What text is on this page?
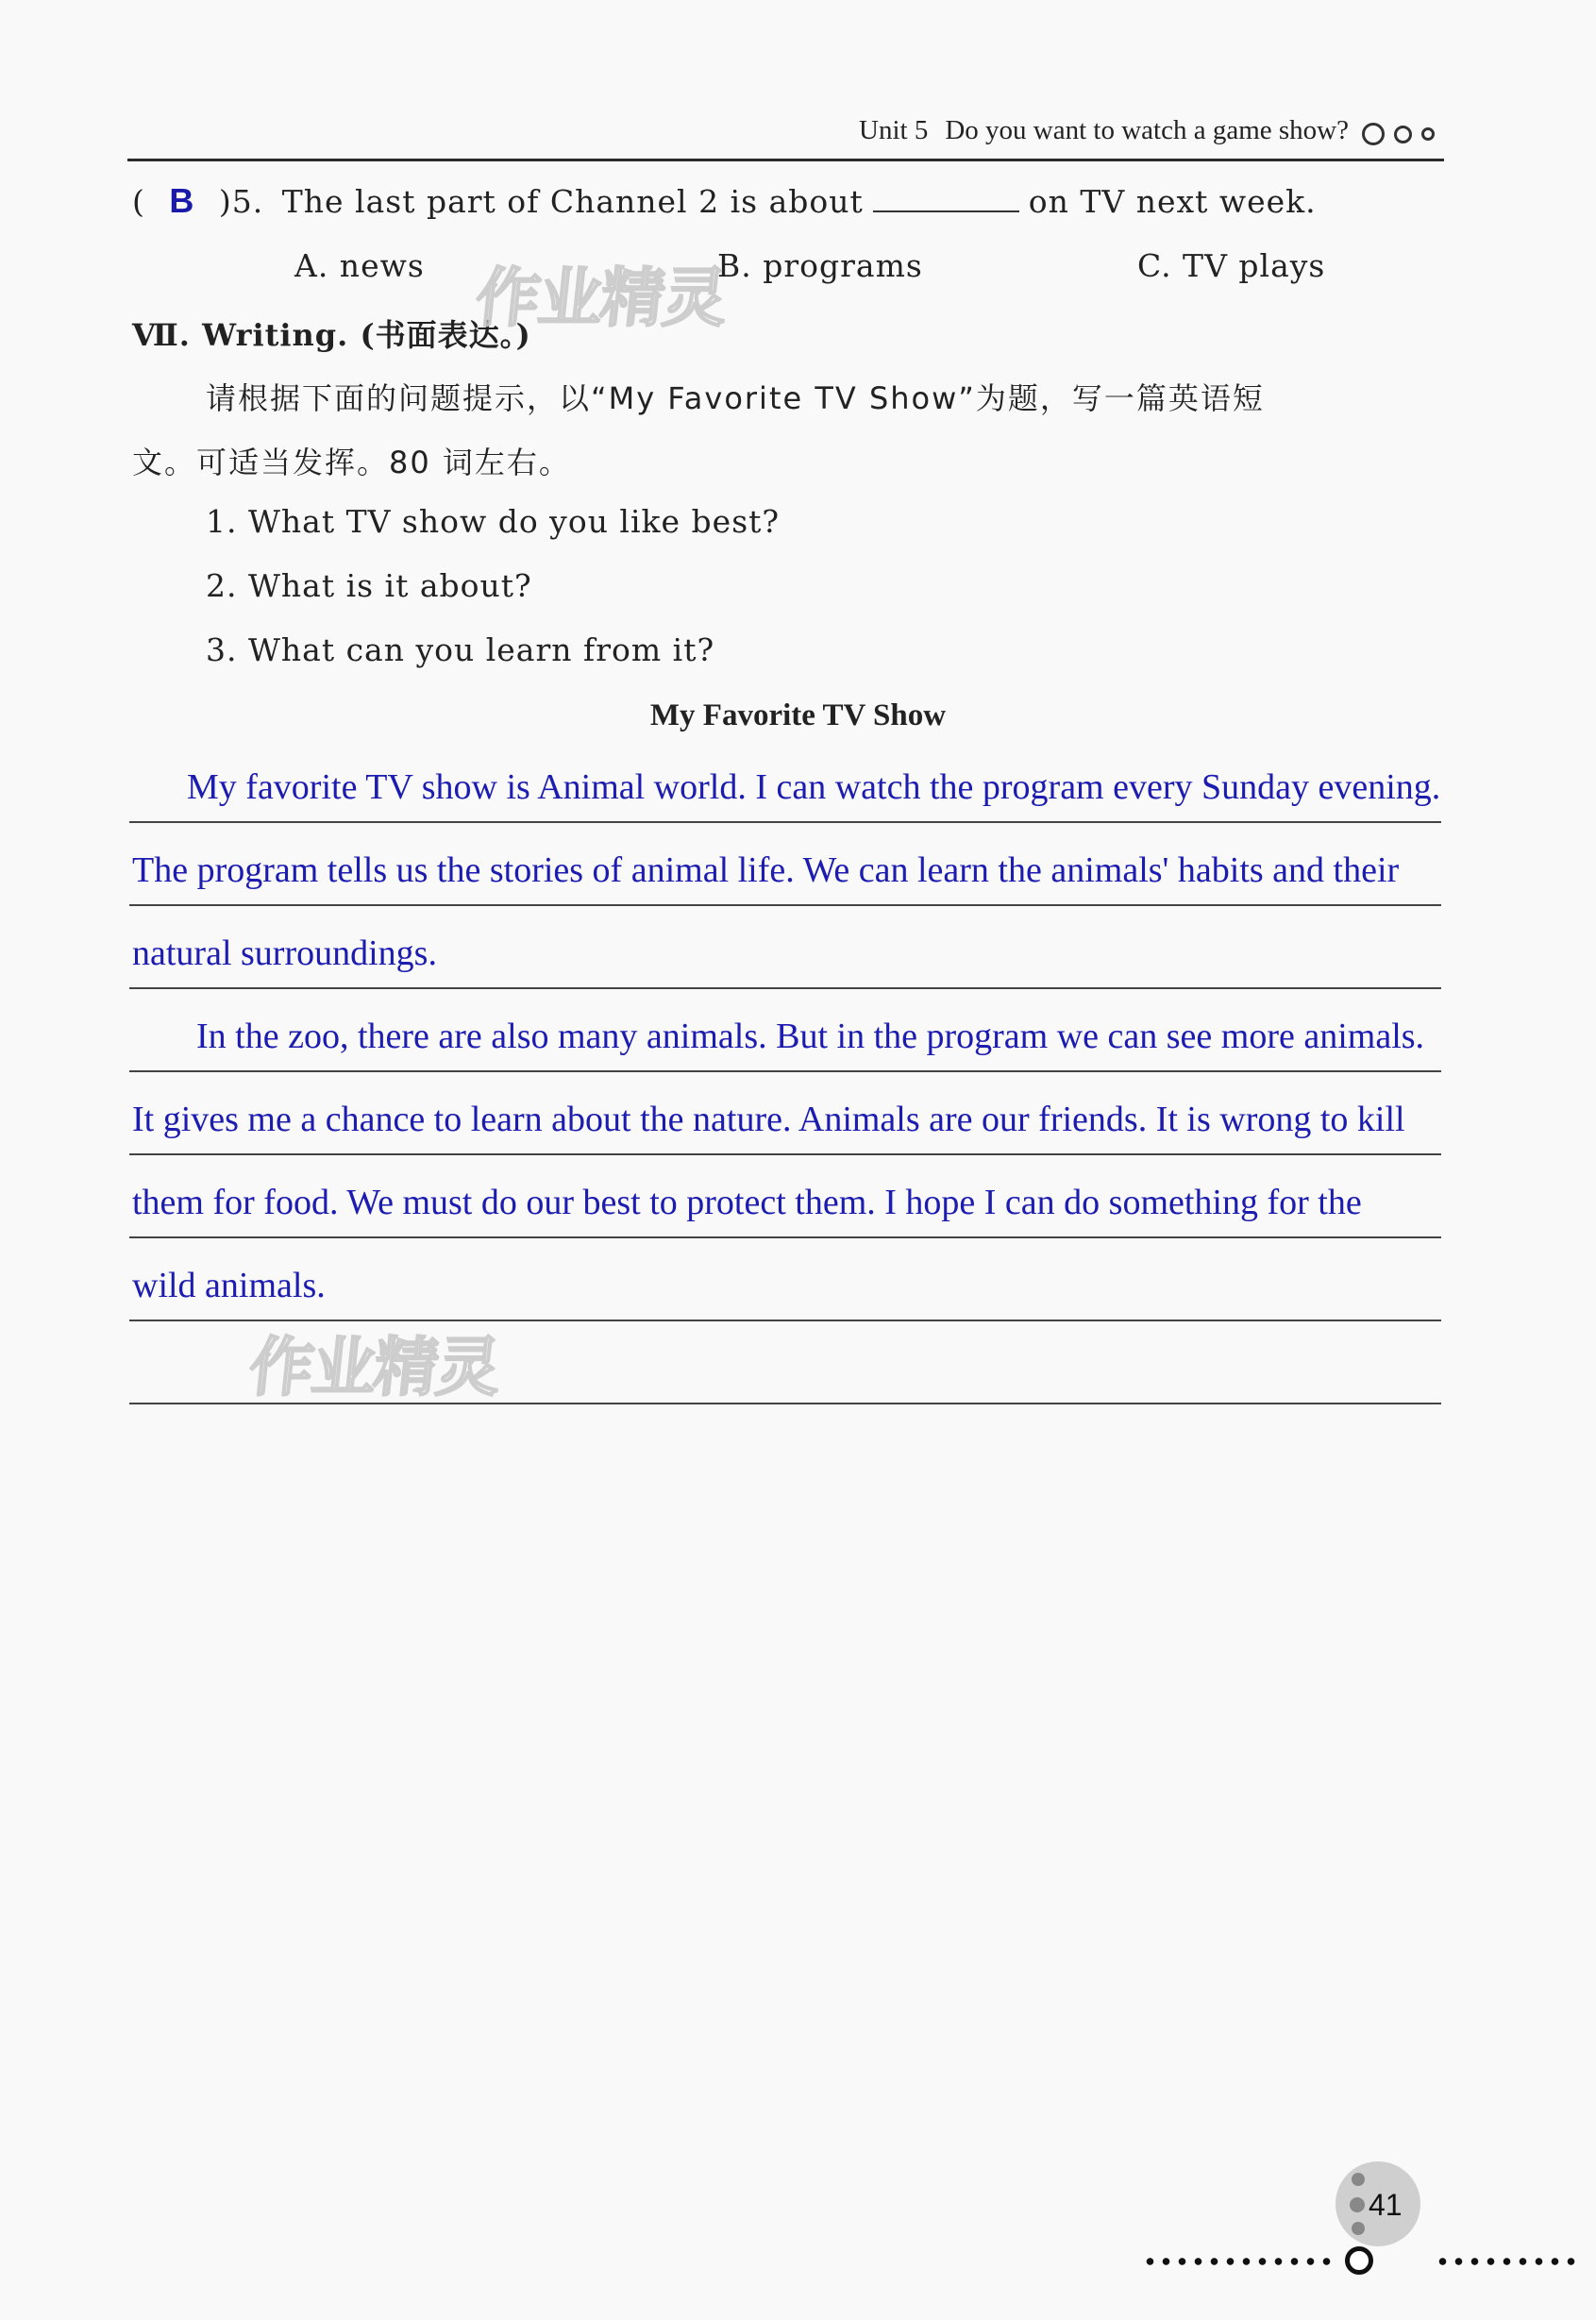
Unit 5 Do you want to watch a game show?
( B )5. The last part of Channel 2 is about	on TV next week.
A. news	B. programs	C. TV plays
Ⅶ. Writing. (书面表达。)
请根据下面的问题提示，以“My Favorite TV Show”为题，写一篇英语短
文。可适当发挥。80 词左右。
1. What TV show do you like best?
2. What is it about?
3. What can you learn from it?
My Favorite TV Show
My favorite TV show is Animal world. I can watch the program every Sunday evening.
The program tells us the stories of animal life. We can learn the animals' habits and their
natural surroundings.
In the zoo, there are also many animals. But in the program we can see more animals.
It gives me a chance to learn about the nature. Animals are our friends. It is wrong to kill
them for food. We must do our best to protect them. I hope I can do something for the
wild animals.
作业精灵
作业精灵
41
